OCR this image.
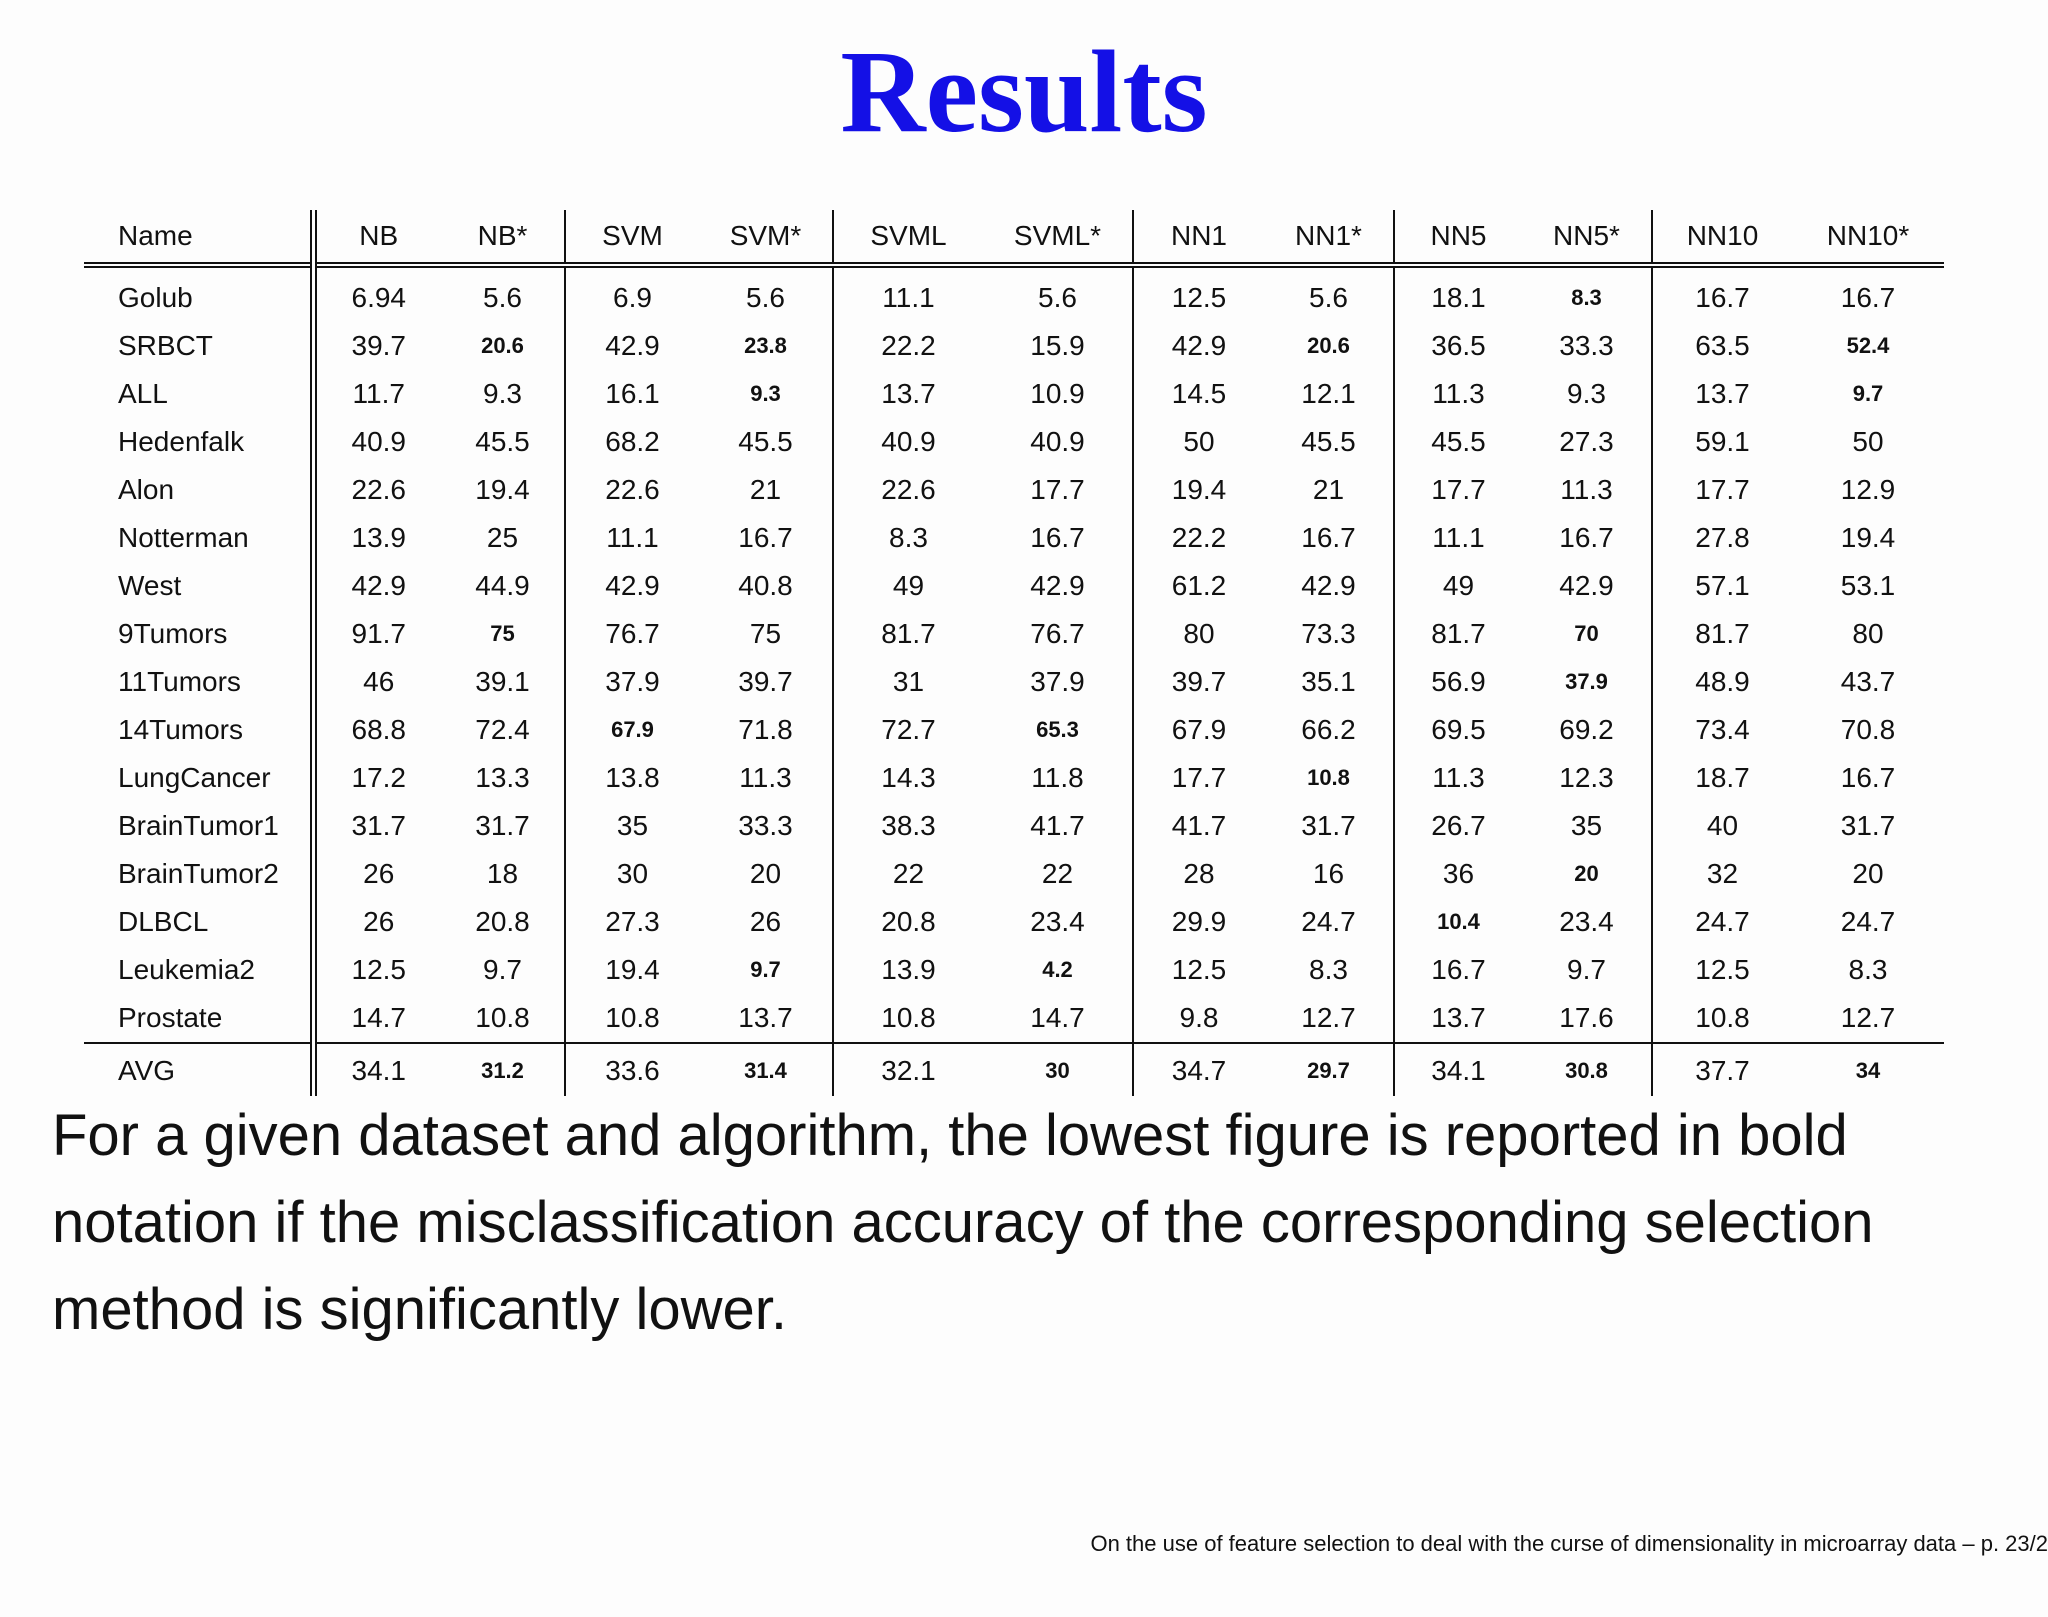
Results
Name	NB	NB*	SVM	SVM*	SVML	SVML*	NN1	NN1*	NN5	NN5*	NN10	NN10*
Golub	6.94	5.6	6.9	5.6	11.1	5.6	12.5	5.6	18.1	8.3	16.7	16.7
SRBCT	39.7	20.6	42.9	23.8	22.2	15.9	42.9	20.6	36.5	33.3	63.5	52.4
ALL	11.7	9.3	16.1	9.3	13.7	10.9	14.5	12.1	11.3	9.3	13.7	9.7
Hedenfalk	40.9	45.5	68.2	45.5	40.9	40.9	50	45.5	45.5	27.3	59.1	50
Alon	22.6	19.4	22.6	21	22.6	17.7	19.4	21	17.7	11.3	17.7	12.9
Notterman	13.9	25	11.1	16.7	8.3	16.7	22.2	16.7	11.1	16.7	27.8	19.4
West	42.9	44.9	42.9	40.8	49	42.9	61.2	42.9	49	42.9	57.1	53.1
9Tumors	91.7	75	76.7	75	81.7	76.7	80	73.3	81.7	70	81.7	80
11Tumors	46	39.1	37.9	39.7	31	37.9	39.7	35.1	56.9	37.9	48.9	43.7
14Tumors	68.8	72.4	67.9	71.8	72.7	65.3	67.9	66.2	69.5	69.2	73.4	70.8
LungCancer	17.2	13.3	13.8	11.3	14.3	11.8	17.7	10.8	11.3	12.3	18.7	16.7
BrainTumor1	31.7	31.7	35	33.3	38.3	41.7	41.7	31.7	26.7	35	40	31.7
BrainTumor2	26	18	30	20	22	22	28	16	36	20	32	20
DLBCL	26	20.8	27.3	26	20.8	23.4	29.9	24.7	10.4	23.4	24.7	24.7
Leukemia2	12.5	9.7	19.4	9.7	13.9	4.2	12.5	8.3	16.7	9.7	12.5	8.3
Prostate	14.7	10.8	10.8	13.7	10.8	14.7	9.8	12.7	13.7	17.6	10.8	12.7
AVG	34.1	31.2	33.6	31.4	32.1	30	34.7	29.7	34.1	30.8	37.7	34
For a given dataset and algorithm, the lowest figure is reported in bold notation if the misclassification accuracy of the corresponding selection method is significantly lower.
On the use of feature selection to deal with the curse of dimensionality in microarray data – p. 23/2
